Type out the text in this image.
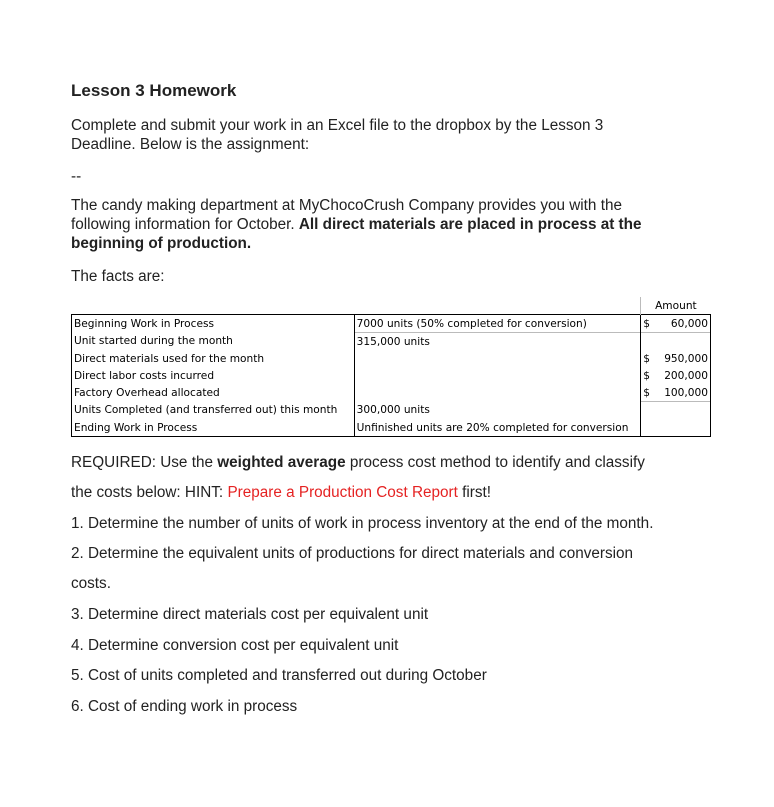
Lesson 3 Homework
Complete and submit your work in an Excel file to the dropbox by the Lesson 3
Deadline. Below is the assignment:
--
The candy making department at MyChocoCrush Company provides you with the
following information for October. All direct materials are placed in process at the
beginning of production.
The facts are:
		Amount
Beginning Work in Process	7000 units (50% completed for conversion)	$ 60,000

Unit started during the month	315,000 units	

Direct materials used for the month		$ 950,000

Direct labor costs incurred		$ 200,000

Factory Overhead allocated		$ 100,000

Units Completed (and transferred out) this month	300,000 units	

Ending Work in Process	Unfinished units are 20% completed for conversion	
REQUIRED: Use the weighted average process cost method to identify and classify
the costs below: HINT: Prepare a Production Cost Report first!
1. Determine the number of units of work in process inventory at the end of the month.
2. Determine the equivalent units of productions for direct materials and conversion
costs.
3. Determine direct materials cost per equivalent unit
4. Determine conversion cost per equivalent unit
5. Cost of units completed and transferred out during October
6. Cost of ending work in process
